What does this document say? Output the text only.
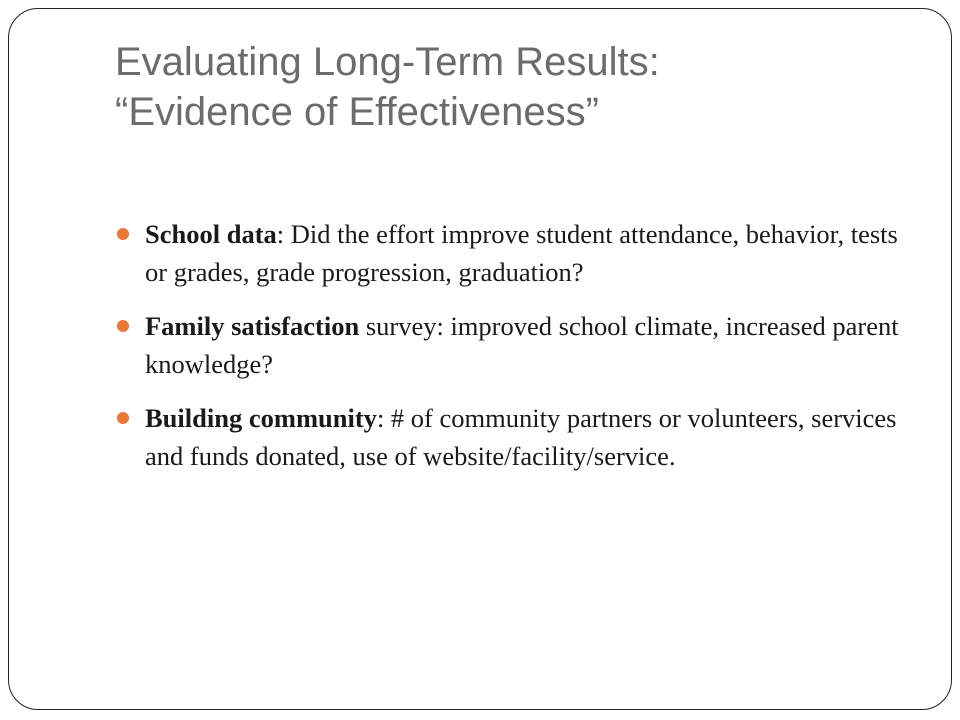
Evaluating Long-Term Results:
“Evidence of Effectiveness”
School data: Did the effort improve student attendance, behavior, tests or grades, grade progression, graduation?
Family satisfaction survey: improved school climate, increased parent knowledge?
Building community: # of community partners or volunteers, services and funds donated, use of website/facility/service.
